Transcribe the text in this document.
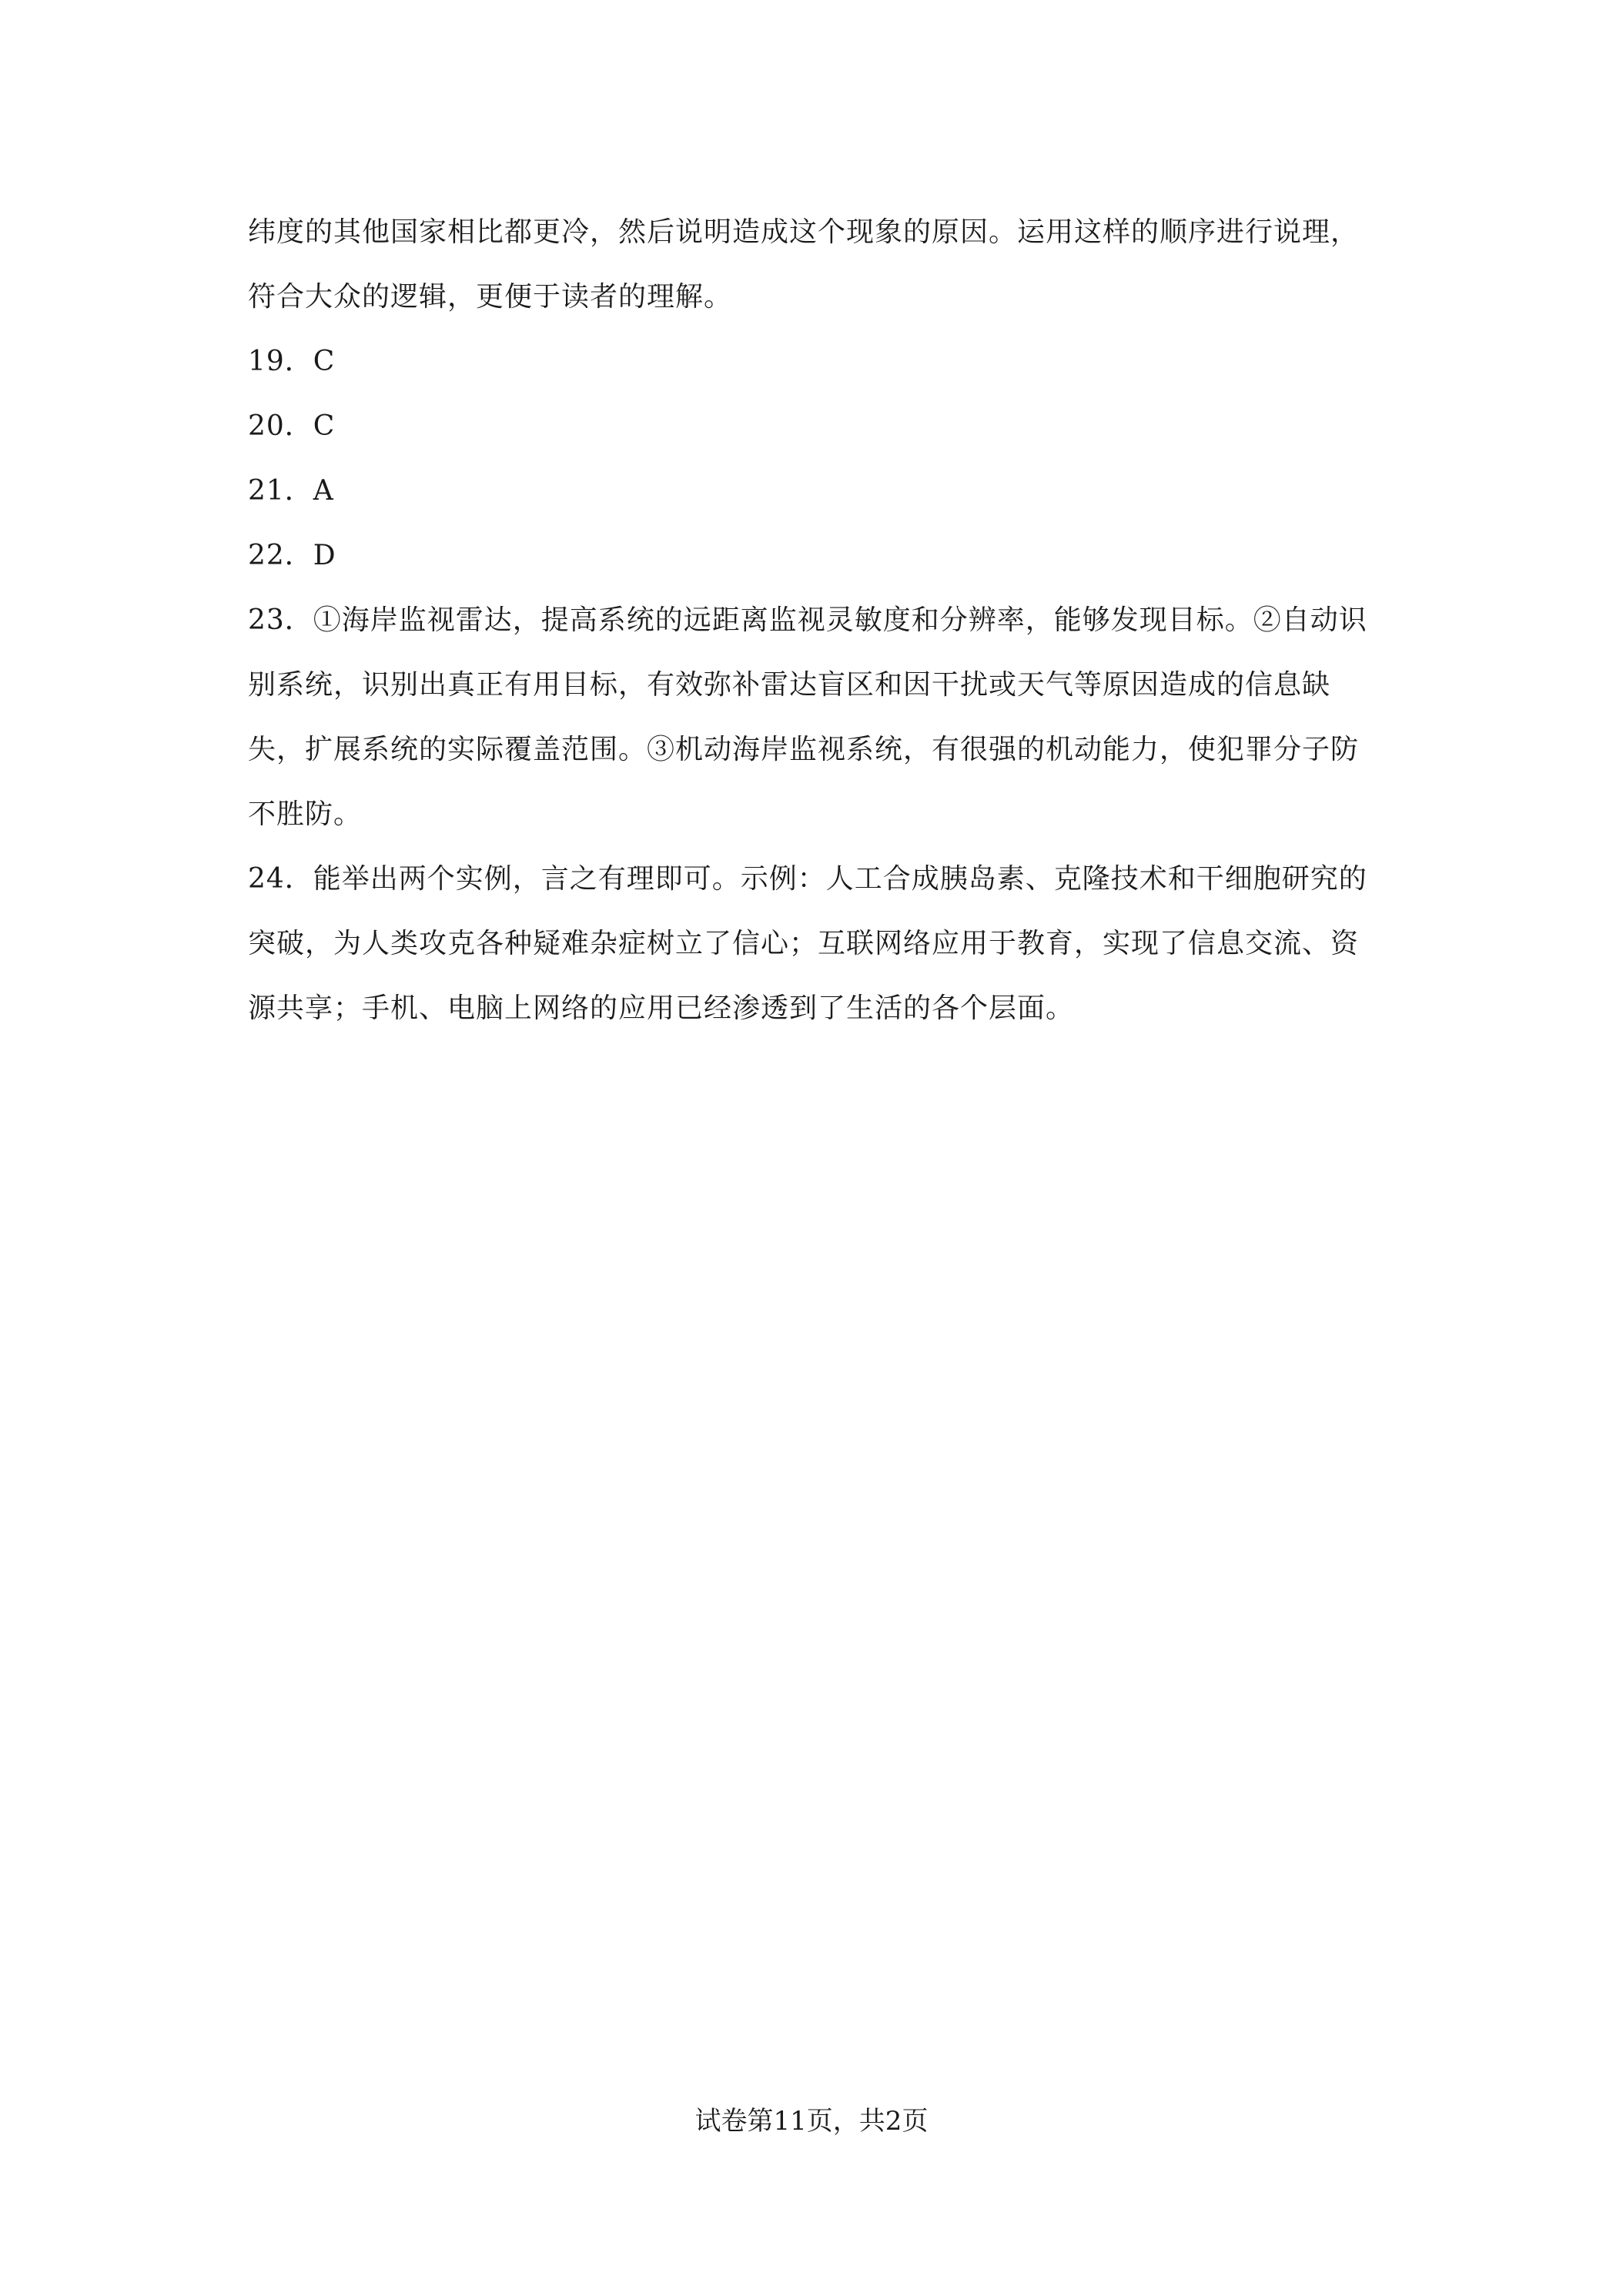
纬度的其他国家相比都更冷，然后说明造成这个现象的原因。运用这样的顺序进行说理，符合大众的逻辑，更便于读者的理解。

19．C

20．C

21．A

22．D

23．①海岸监视雷达，提高系统的远距离监视灵敏度和分辨率，能够发现目标。②自动识别系统，识别出真正有用目标，有效弥补雷达盲区和因干扰或天气等原因造成的信息缺失，扩展系统的实际覆盖范围。③机动海岸监视系统，有很强的机动能力，使犯罪分子防不胜防。

24．能举出两个实例，言之有理即可。示例：人工合成胰岛素、克隆技术和干细胞研究的突破，为人类攻克各种疑难杂症树立了信心；互联网络应用于教育，实现了信息交流、资源共享；手机、电脑上网络的应用已经渗透到了生活的各个层面。

试卷第11页，共2页
